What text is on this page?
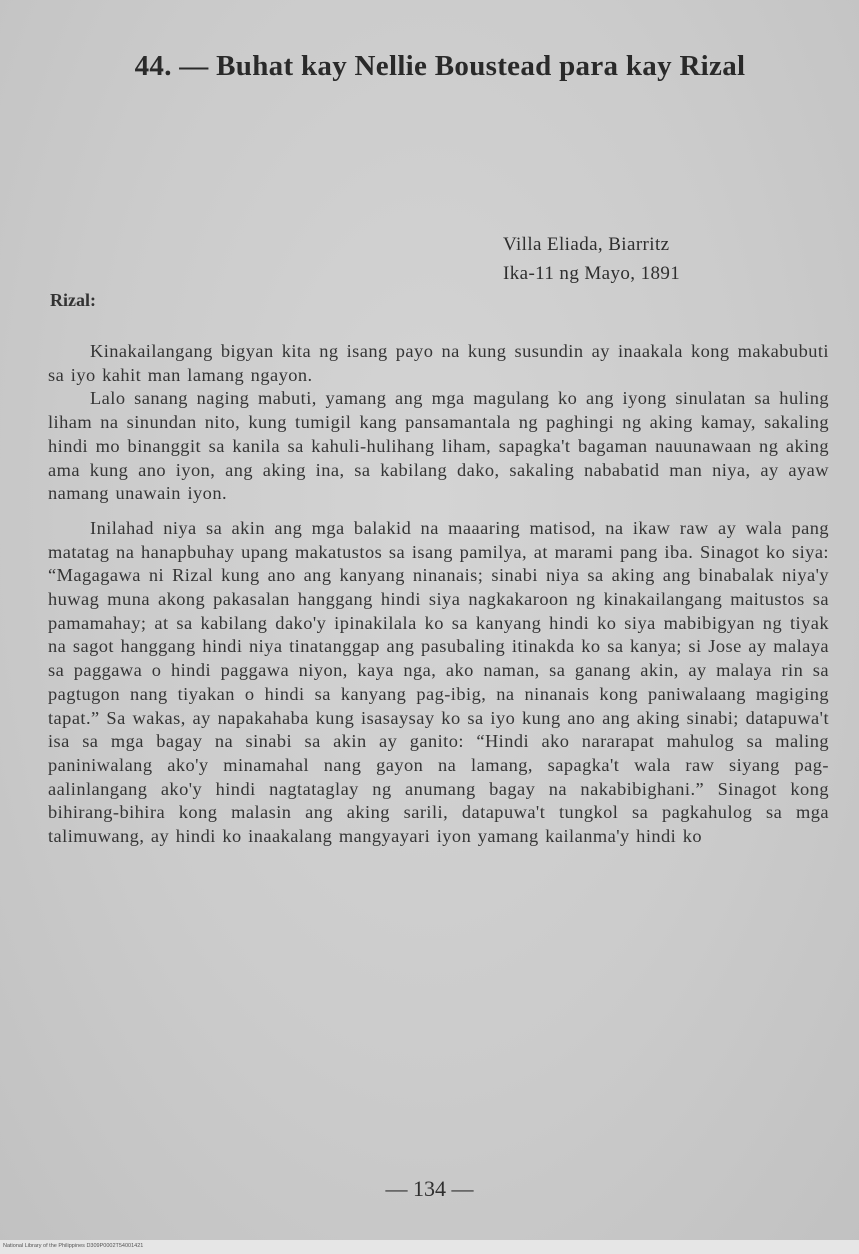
44. — Buhat kay Nellie Boustead para kay Rizal
Villa Eliada, Biarritz
Ika-11 ng Mayo, 1891
Rizal:

Kinakailangang bigyan kita ng isang payo na kung susundin ay inaakala kong makabubuti sa iyo kahit man lamang ngayon.

Lalo sanang naging mabuti, yamang ang mga magulang ko ang iyong sinulatan sa huling liham na sinundan nito, kung tumigil kang pansamantala ng paghingi ng aking kamay, sakaling hindi mo binanggit sa kanila sa kahuli-hulihang liham, sapagka't bagaman nauunawaan ng aking ama kung ano iyon, ang aking ina, sa kabilang dako, sakaling nababatid man niya, ay ayaw namang unawain iyon.

Inilahad niya sa akin ang mga balakid na maaaring matisod, na ikaw raw ay wala pang matatag na hanapbuhay upang makatustos sa isang pamilya, at marami pang iba. Sinagot ko siya: “Magagawa ni Rizal kung ano ang kanyang ninanais; sinabi niya sa aking ang binabalak niya'y huwag muna akong pakasalan hanggang hindi siya nagkakaroon ng kinakailangang maitustos sa pamamahay; at sa kabilang dako'y ipinakilala ko sa kanyang hindi ko siya mabibigyan ng tiyak na sagot hanggang hindi niya tinatanggap ang pasubaling itinakda ko sa kanya; si Jose ay malaya sa paggawa o hindi paggawa niyon, kaya nga, ako naman, sa ganang akin, ay malaya rin sa pagtugon nang tiyakan o hindi sa kanyang pag-ibig, na ninanais kong paniwalaang magiging tapat.” Sa wakas, ay napakahaba kung isasaysay ko sa iyo kung ano ang aking sinabi; datapuwa't isa sa mga bagay na sinabi sa akin ay ganito: “Hindi ako nararapat mahulog sa maling paniniwalang ako'y minamahal nang gayon na lamang, sapagka't wala raw siyang pag-aalinlangang ako'y hindi nagtataglay ng anumang bagay na nakabibighani.” Sinagot kong bihirang-bihira kong malasin ang aking sarili, datapuwa't tungkol sa pagkahulog sa mga talimuwang, ay hindi ko inaakalang mangyayari iyon yamang kailanma'y hindi ko

— 134 —
National Library of the Philippines D309P0002T54001421
